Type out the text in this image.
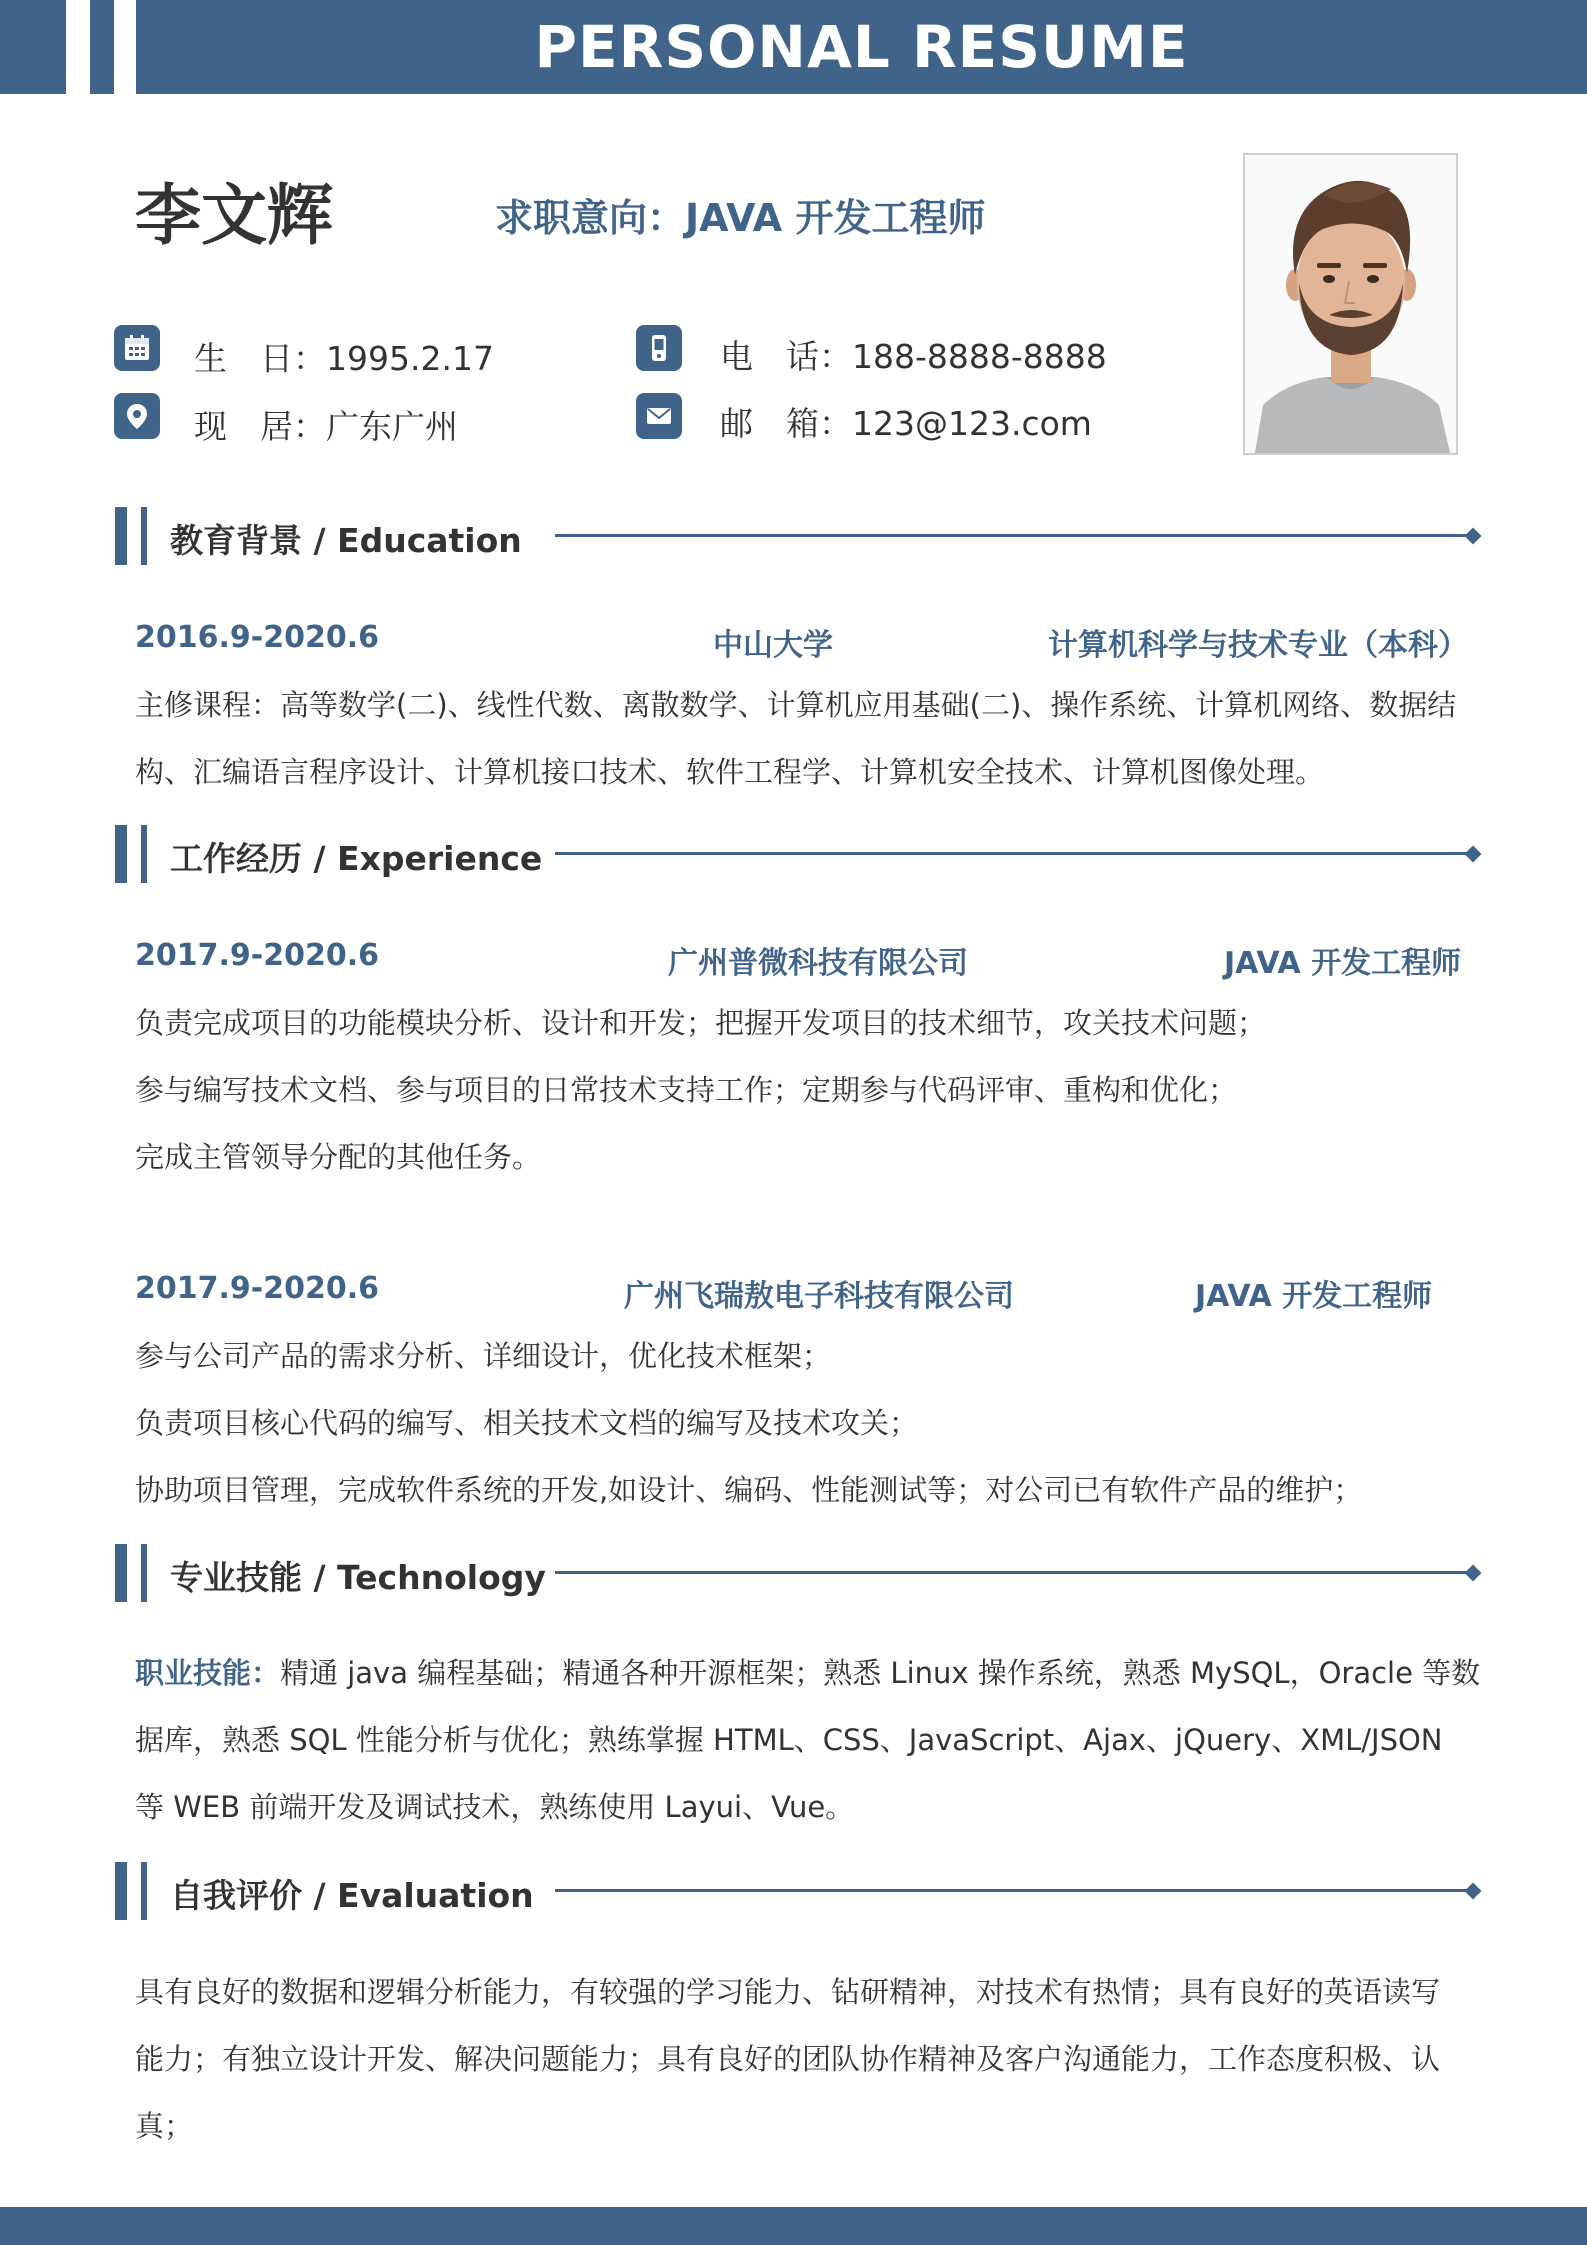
PERSONAL RESUME
李文辉	求职意向：JAVA 开发工程师
生　日：1995.2.17
现　居：广东广州
电　话：188-8888-8888
邮　箱：123@123.com
教育背景 / Education
2016.9-2020.6	中山大学	计算机科学与技术专业（本科）
主修课程：高等数学(二)、线性代数、离散数学、计算机应用基础(二)、操作系统、计算机网络、数据结
构、汇编语言程序设计、计算机接口技术、软件工程学、计算机安全技术、计算机图像处理。
工作经历 / Experience
2017.9-2020.6	广州普微科技有限公司	JAVA 开发工程师
负责完成项目的功能模块分析、设计和开发；把握开发项目的技术细节，攻关技术问题；
参与编写技术文档、参与项目的日常技术支持工作；定期参与代码评审、重构和优化；
完成主管领导分配的其他任务。
2017.9-2020.6	广州飞瑞敖电子科技有限公司	JAVA 开发工程师
参与公司产品的需求分析、详细设计，优化技术框架；
负责项目核心代码的编写、相关技术文档的编写及技术攻关；
协助项目管理，完成软件系统的开发,如设计、编码、性能测试等；对公司已有软件产品的维护；
专业技能 / Technology
职业技能：精通 java 编程基础；精通各种开源框架；熟悉 Linux 操作系统，熟悉 MySQL，Oracle 等数
据库，熟悉 SQL 性能分析与优化；熟练掌握 HTML、CSS、JavaScript、Ajax、jQuery、XML/JSON
等 WEB 前端开发及调试技术，熟练使用 Layui、Vue。
自我评价 / Evaluation
具有良好的数据和逻辑分析能力，有较强的学习能力、钻研精神，对技术有热情；具有良好的英语读写
能力；有独立设计开发、解决问题能力；具有良好的团队协作精神及客户沟通能力，工作态度积极、认
真；
